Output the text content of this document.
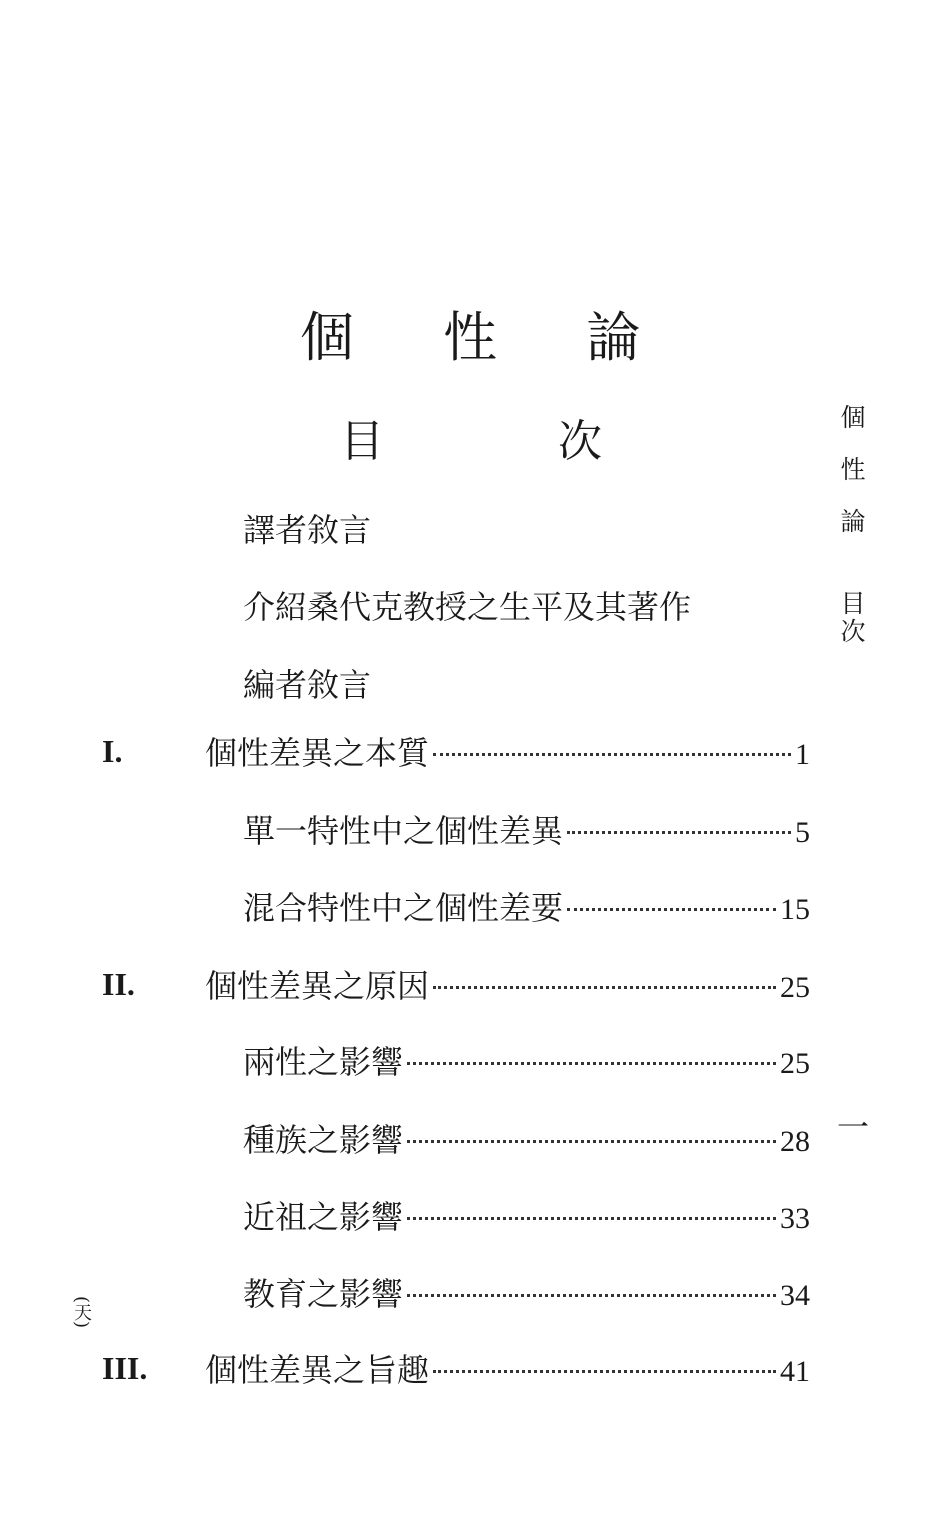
個 性 論
目 次	個
性
論
目
次
一
(天)
譯者敘言
介紹桑代克教授之生平及其著作
編者敘言
I.	個性差異之本質	1
單一特性中之個性差異	5
混合特性中之個性差要	15
II. 個性差異之原因	25
兩性之影響	25
種族之影響	28
近祖之影響	33
教育之影響	34
III. 個性差異之旨趣	41
